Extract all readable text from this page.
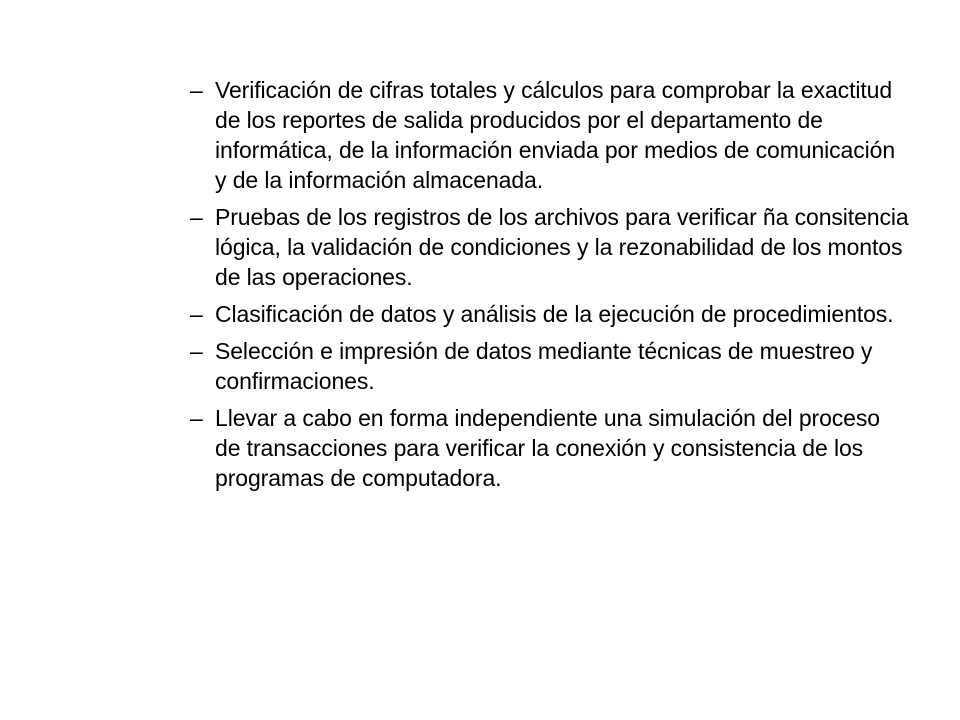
– Verificación de cifras totales y cálculos para comprobar la exactitud de los reportes de salida producidos por el departamento de informática, de la información enviada por medios de comunicación y de la información almacenada.
– Pruebas de los registros de los archivos para verificar ña consitencia lógica, la validación de condiciones y la rezonabilidad de los montos de las operaciones.
– Clasificación de datos y análisis de la ejecución de procedimientos.
– Selección e impresión de datos mediante técnicas de muestreo y confirmaciones.
– Llevar a cabo en forma independiente una simulación del proceso de transacciones para verificar la conexión y consistencia de los programas de computadora.
